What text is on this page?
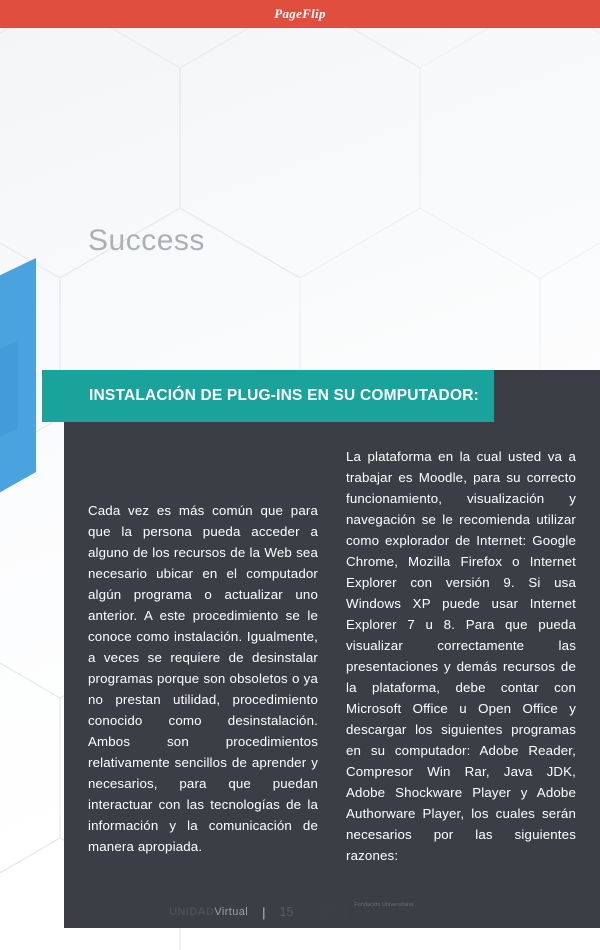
PageFlip
Success
INSTALACIÓN DE PLUG-INS EN SU COMPUTADOR:

Cada vez es más común que para que la persona pueda acceder a alguno de los recursos de la Web sea necesario ubicar en el computador algún programa o actualizar uno anterior. A este procedimiento se le conoce como instalación. Igualmente, a veces se requiere de desinstalar programas porque son obsoletos o ya no prestan utilidad, procedimiento conocido como desinstalación. Ambos son procedimientos relativamente sencillos de aprender y necesarios, para que puedan interactuar con las tecnologías de la información y la comunicación de manera apropiada.

La plataforma en la cual usted va a trabajar es Moodle, para su correcto funcionamiento, visualización y navegación se le recomienda utilizar como explorador de Internet: Google Chrome, Mozilla Firefox o Internet Explorer con versión 9. Si usa Windows XP puede usar Internet Explorer 7 u 8. Para que pueda visualizar correctamente las presentaciones y demás recursos de la plataforma, debe contar con Microsoft Office u Open Office y descargar los siguientes programas en su computador: Adobe Reader, Compresor Win Rar, Java JDK, Adobe Shockware Player y Adobe Authorware Player, los cuales serán necesarios por las siguientes razones:

UNIDADVirtual | 15
Fundación Universitaria
SAN MATEO
